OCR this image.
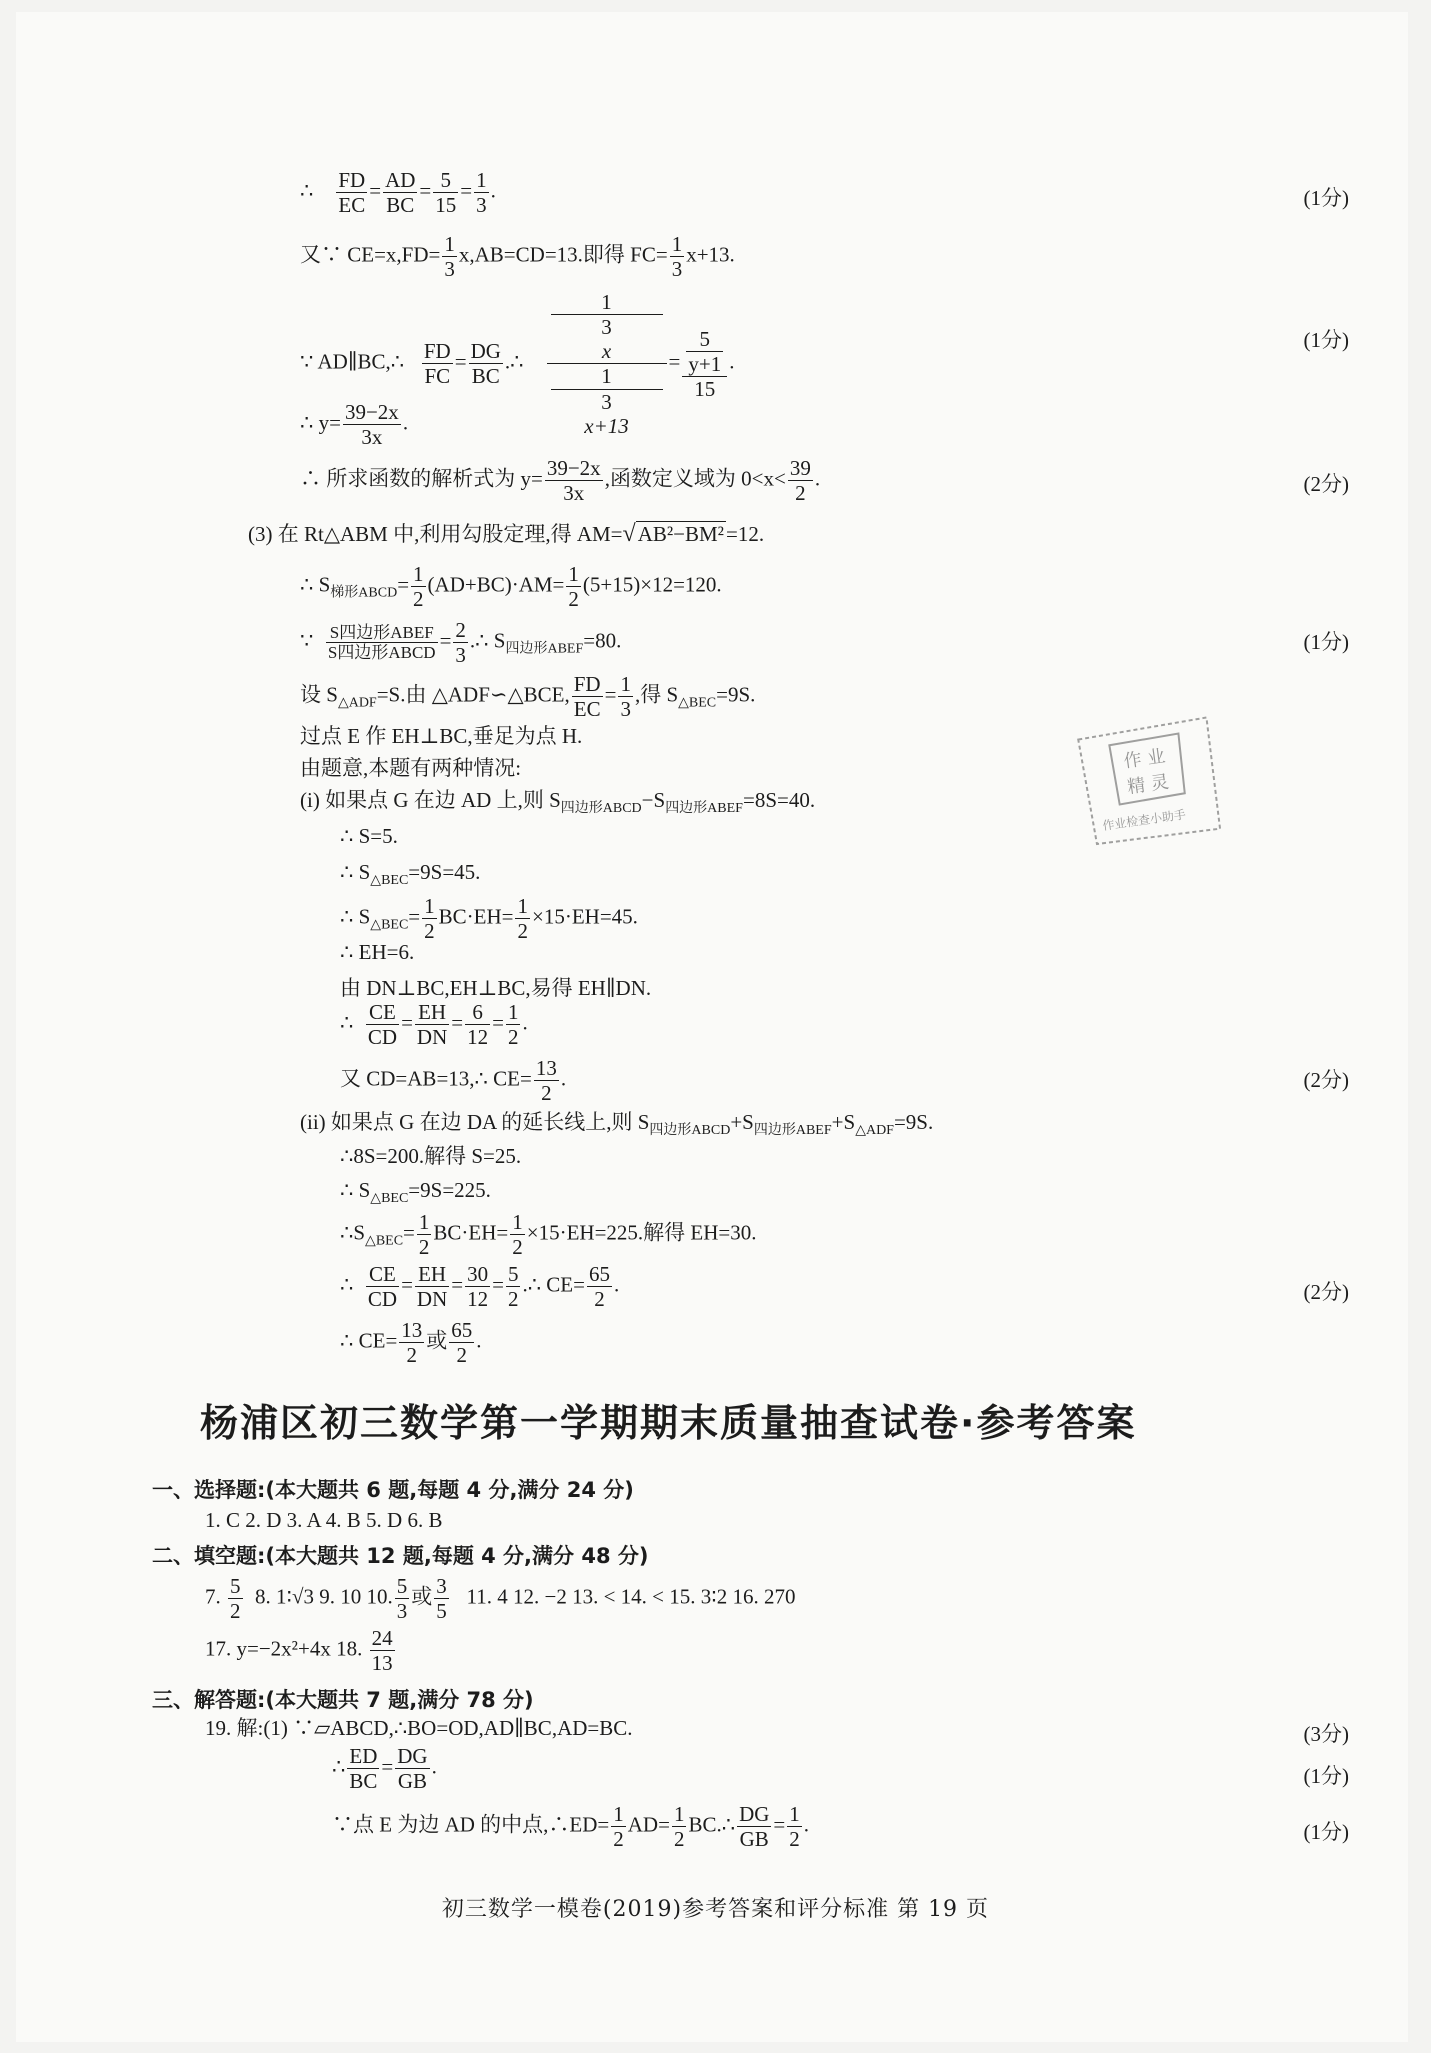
∴ $\frac{FD}{EC} = \frac{AD}{BC} = \frac{5}{15} = \frac{1}{3}$ .	(1分)
又∵ $CE=x,FD= \frac{1}{3} x,AB=CD=13$.即得 $FC= \frac{1}{3} x+13$.
∵ AD∥BC,∴ $\frac{FD}{FC} = \frac{DG}{BC}$ .∴ 1
3
x
1
3
x+13 = 5
y+1
15 .
(1分)
∴ $y= \frac{39-2x}{3x}$ .
∴ 所求函数的解析式为 $y= \frac{39-2x}{3x}$ ,函数定义域为 $0<x< \frac{39}{2}$ .	(2分)
(3) 在 Rt△ABM 中,利用勾股定理,得 AM=√AB²−BM²=12.
∴ $S_{梯形ABCD}= \frac{1}{2} (AD+BC)\cdot AM= \frac{1}{2} (5+15)\times 12=120$.
∵ $\frac{\text{S四边形ABEF}}{\text{S四边形ABCD}} = \frac{2}{3}$ .∴ $S_{四边形ABEF}=80$.	(1分)
设 $S_{\triangle ADF}=S$.由 △ADF∽△BCE, $\frac{FD}{EC} = \frac{1}{3}$ ,得 $S_{\triangle BEC}=9S$.
过点 E 作 EH⊥BC,垂足为点 H.
由题意,本题有两种情况:
(i) 如果点 G 在边 AD 上,则 $S_{四边形ABCD}-S_{四边形ABEF}=8S=40$.
∴ S=5.
∴ $S_{\triangle BEC}=9S=45$.
∴ $S_{\triangle BEC}= \frac{1}{2} BC\cdot EH= \frac{1}{2} \times 15\cdot EH=45$.
∴ EH=6.
由 DN⊥BC,EH⊥BC,易得 EH∥DN.
∴ $\frac{CE}{CD} = \frac{EH}{DN} = \frac{6}{12} = \frac{1}{2}$ .
又 CD=AB=13,∴ $CE= \frac{13}{2}$ .	(2分)
(ii) 如果点 G 在边 DA 的延长线上,则 $S_{四边形ABCD}+S_{四边形ABEF}+S_{\triangle ADF}=9S$.
∴8S=200.解得 S=25.
∴ $S_{\triangle BEC}=9S=225$.
$\therefore S_{\triangle BEC}= \frac{1}{2} BC\cdot EH= \frac{1}{2} \times 15\cdot EH=225$.解得 EH=30.
∴ $\frac{CE}{CD} = \frac{EH}{DN} = \frac{30}{12} = \frac{5}{2}$ .∴ $CE= \frac{65}{2}$ .	(2分)
∴ $CE= \frac{13}{2}$ 或 $\frac{65}{2}$ .
作 业
精 灵
作业检查小助手
杨浦区初三数学第一学期期末质量抽查试卷·参考答案
一、选择题:(本大题共 6 题,每题 4 分,满分 24 分)
1. C 2. D 3. A 4. B 5. D 6. B
二、填空题:(本大题共 12 题,每题 4 分,满分 48 分)
7. $\frac{5}{2} 8$. 1∶√3 9. 10 10. $\frac{5}{3}$ 或 $\frac{3}{5} 11$. 4 12. −2 13. < 14. < 15. 3∶2 16. 270
17. y=−2x²+4x 18. $\frac{24}{13}$
三、解答题:(本大题共 7 题,满分 78 分)
19. 解:(1) ∵▱ABCD,∴BO=OD,AD∥BC,AD=BC.	(3分)
∴ $\frac{ED}{BC} = \frac{DG}{GB}$ .	(1分)
∵点 E 为边 AD 的中点,∴ED= $\frac{1}{2} AD= \frac{1}{2}$ BC.∴ $\frac{DG}{GB} = \frac{1}{2}$ .	(1分)
初三数学一模卷(2019)参考答案和评分标准 第 19 页
